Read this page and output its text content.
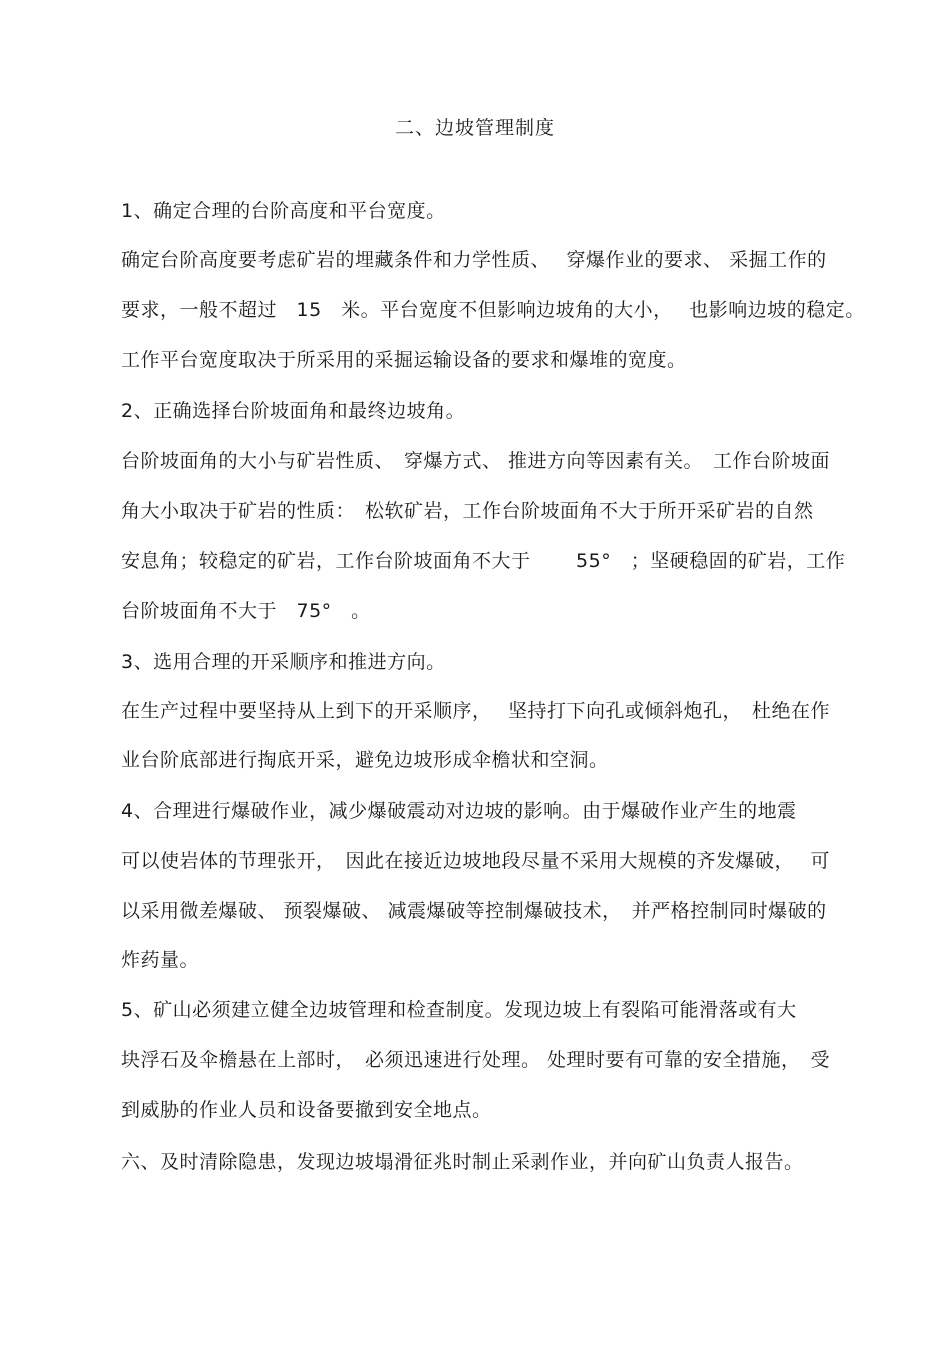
二、边坡管理制度
1、确定合理的台阶高度和平台宽度。
确定台阶高度要考虑矿岩的埋藏条件和力学性质、　 穿爆作业的要求、 采掘工作的
要求，一般不超过　15　米。平台宽度不但影响边坡角的大小，　 也影响边坡的稳定。
工作平台宽度取决于所采用的采掘运输设备的要求和爆堆的宽度。
2、正确选择台阶坡面角和最终边坡角。
台阶坡面角的大小与矿岩性质、　穿爆方式、 推进方向等因素有关。　工作台阶坡面
角大小取决于矿岩的性质：　松软矿岩，工作台阶坡面角不大于所开采矿岩的自然
安息角；较稳定的矿岩，工作台阶坡面角不大于　　 55°　；坚硬稳固的矿岩，工作
台阶坡面角不大于　75°　。
3、选用合理的开采顺序和推进方向。
在生产过程中要坚持从上到下的开采顺序，　 坚持打下向孔或倾斜炮孔，　杜绝在作
业台阶底部进行掏底开采，避免边坡形成伞檐状和空洞。
4、合理进行爆破作业，减少爆破震动对边坡的影响。由于爆破作业产生的地震
可以使岩体的节理张开，　因此在接近边坡地段尽量不采用大规模的齐发爆破，　 可
以采用微差爆破、 预裂爆破、 减震爆破等控制爆破技术，　并严格控制同时爆破的
炸药量。
5、矿山必须建立健全边坡管理和检查制度。发现边坡上有裂陷可能滑落或有大
块浮石及伞檐悬在上部时，　必须迅速进行处理。 处理时要有可靠的安全措施，　受
到威胁的作业人员和设备要撤到安全地点。
六、及时清除隐患，发现边坡塌滑征兆时制止采剥作业，并向矿山负责人报告。
